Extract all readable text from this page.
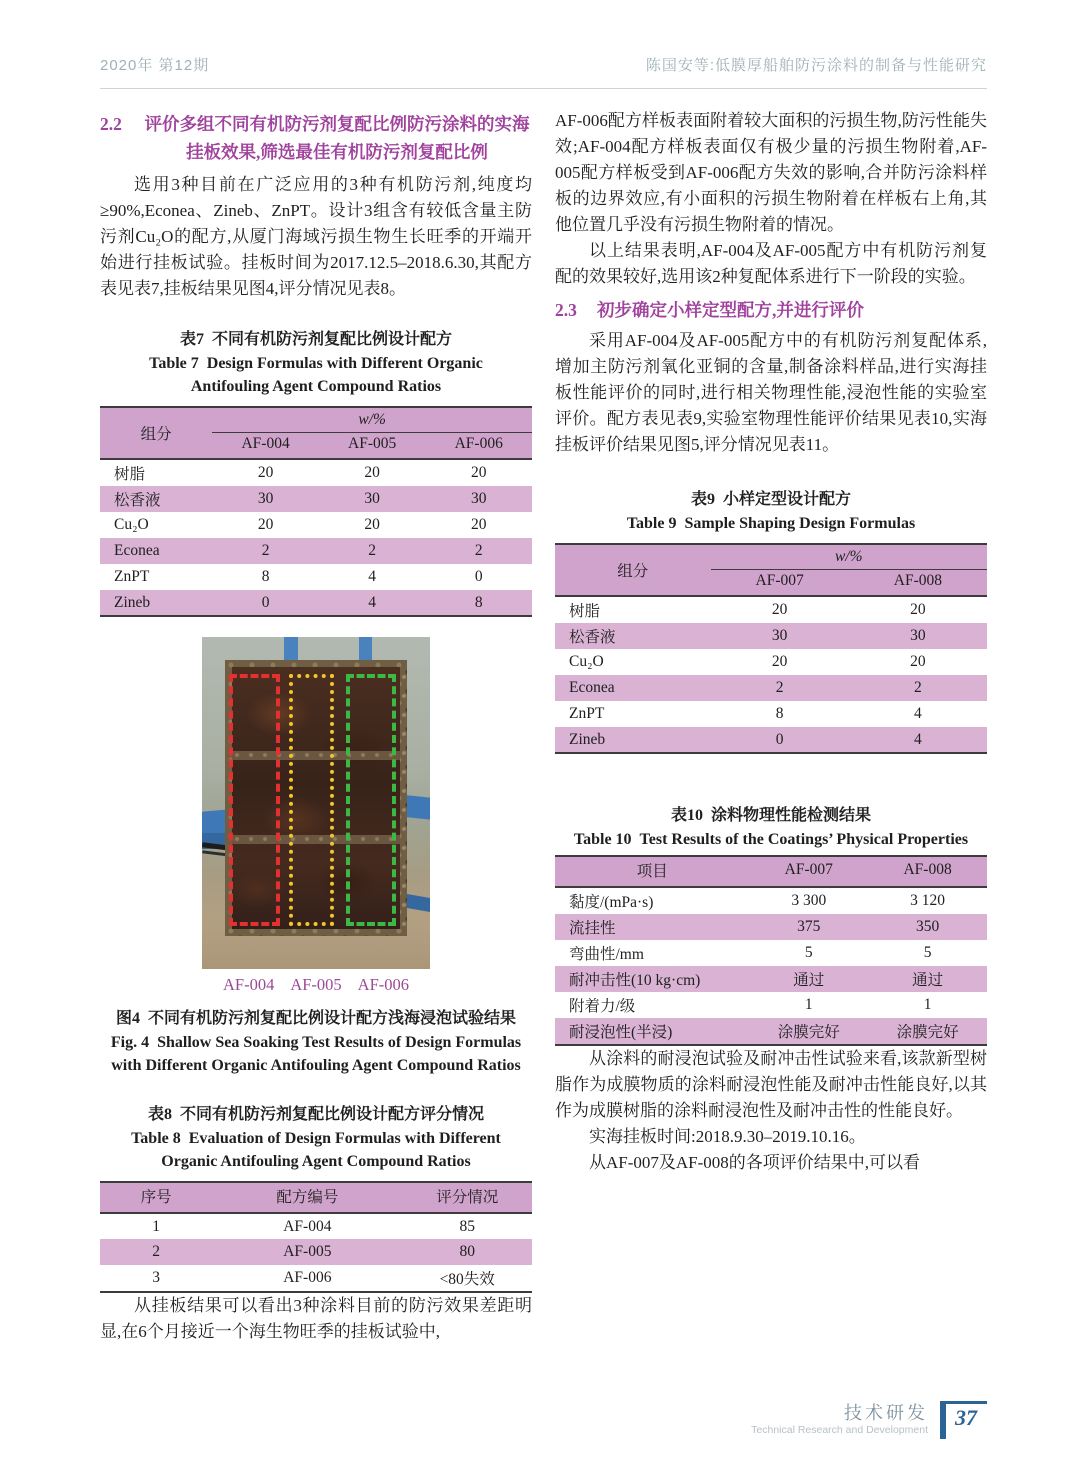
2020年 第12期	陈国安等:低膜厚船舶防污涂料的制备与性能研究
2.2	评价多组不同有机防污剂复配比例防污涂料的实海挂板效果,筛选最佳有机防污剂复配比例

选用3种目前在广泛应用的3种有机防污剂,纯度均≥90%,Econea、Zineb、ZnPT。设计3组含有较低含量主防污剂Cu₂O的配方,从厦门海域污损生物生长旺季的开端开始进行挂板试验。挂板时间为2017.12.5–2018.6.30,其配方表见表7,挂板结果见图4,评分情况见表8。

表7 不同有机防污剂复配比例设计配方
Table 7 Design Formulas with Different Organic
Antifouling Agent Compound Ratios
组分	w/%		
	AF-004	AF-005	AF-006
树脂	20	20	20
松香液	30	30	30
Cu₂O	20	20	20
Econea	2	2	2
ZnPT	8	4	0
Zineb	0	4	8
AF-004 AF-005 AF-006
图4 不同有机防污剂复配比例设计配方浅海浸泡试验结果
Fig. 4 Shallow Sea Soaking Test Results of Design Formulas with Different Organic Antifouling Agent Compound Ratios
表8 不同有机防污剂复配比例设计配方评分情况
Table 8 Evaluation of Design Formulas with Different
Organic Antifouling Agent Compound Ratios
序号	配方编号	评分情况
1	AF-004	85
2	AF-005	80
3	AF-006	<80失效

从挂板结果可以看出3种涂料目前的防污效果差距明显,在6个月接近一个海生物旺季的挂板试验中,

AF-006配方样板表面附着较大面积的污损生物,防污性能失效;AF-004配方样板表面仅有极少量的污损生物附着,AF-005配方样板受到AF-006配方失效的影响,合并防污涂料样板的边界效应,有小面积的污损生物附着在样板右上角,其他位置几乎没有污损生物附着的情况。

以上结果表明,AF-004及AF-005配方中有机防污剂复配的效果较好,选用该2种复配体系进行下一阶段的实验。

2.3	初步确定小样定型配方,并进行评价

采用AF-004及AF-005配方中的有机防污剂复配体系,增加主防污剂氧化亚铜的含量,制备涂料样品,进行实海挂板性能评价的同时,进行相关物理性能,浸泡性能的实验室评价。配方表见表9,实验室物理性能评价结果见表10,实海挂板评价结果见图5,评分情况见表11。

表9 小样定型设计配方
Table 9 Sample Shaping Design Formulas
组分	w/%	
	AF-007	AF-008
树脂	20	20
松香液	30	30
Cu₂O	20	20
Econea	2	2
ZnPT	8	4
Zineb	0	4
表10 涂料物理性能检测结果
Table 10 Test Results of the Coatings’ Physical Properties
项目	AF-007	AF-008
黏度/(mPa·s)	3 300	3 120
流挂性	375	350
弯曲性/mm	5	5
耐冲击性(10 kg·cm)	通过	通过
附着力/级	1	1
耐浸泡性(半浸)	涂膜完好	涂膜完好

从涂料的耐浸泡试验及耐冲击性试验来看,该款新型树脂作为成膜物质的涂料耐浸泡性能及耐冲击性能良好,以其作为成膜树脂的涂料耐浸泡性及耐冲击性的性能良好。

实海挂板时间:2018.9.30–2019.10.16。

从AF-007及AF-008的各项评价结果中,可以看

技术研发
Technical Research and Development	37
